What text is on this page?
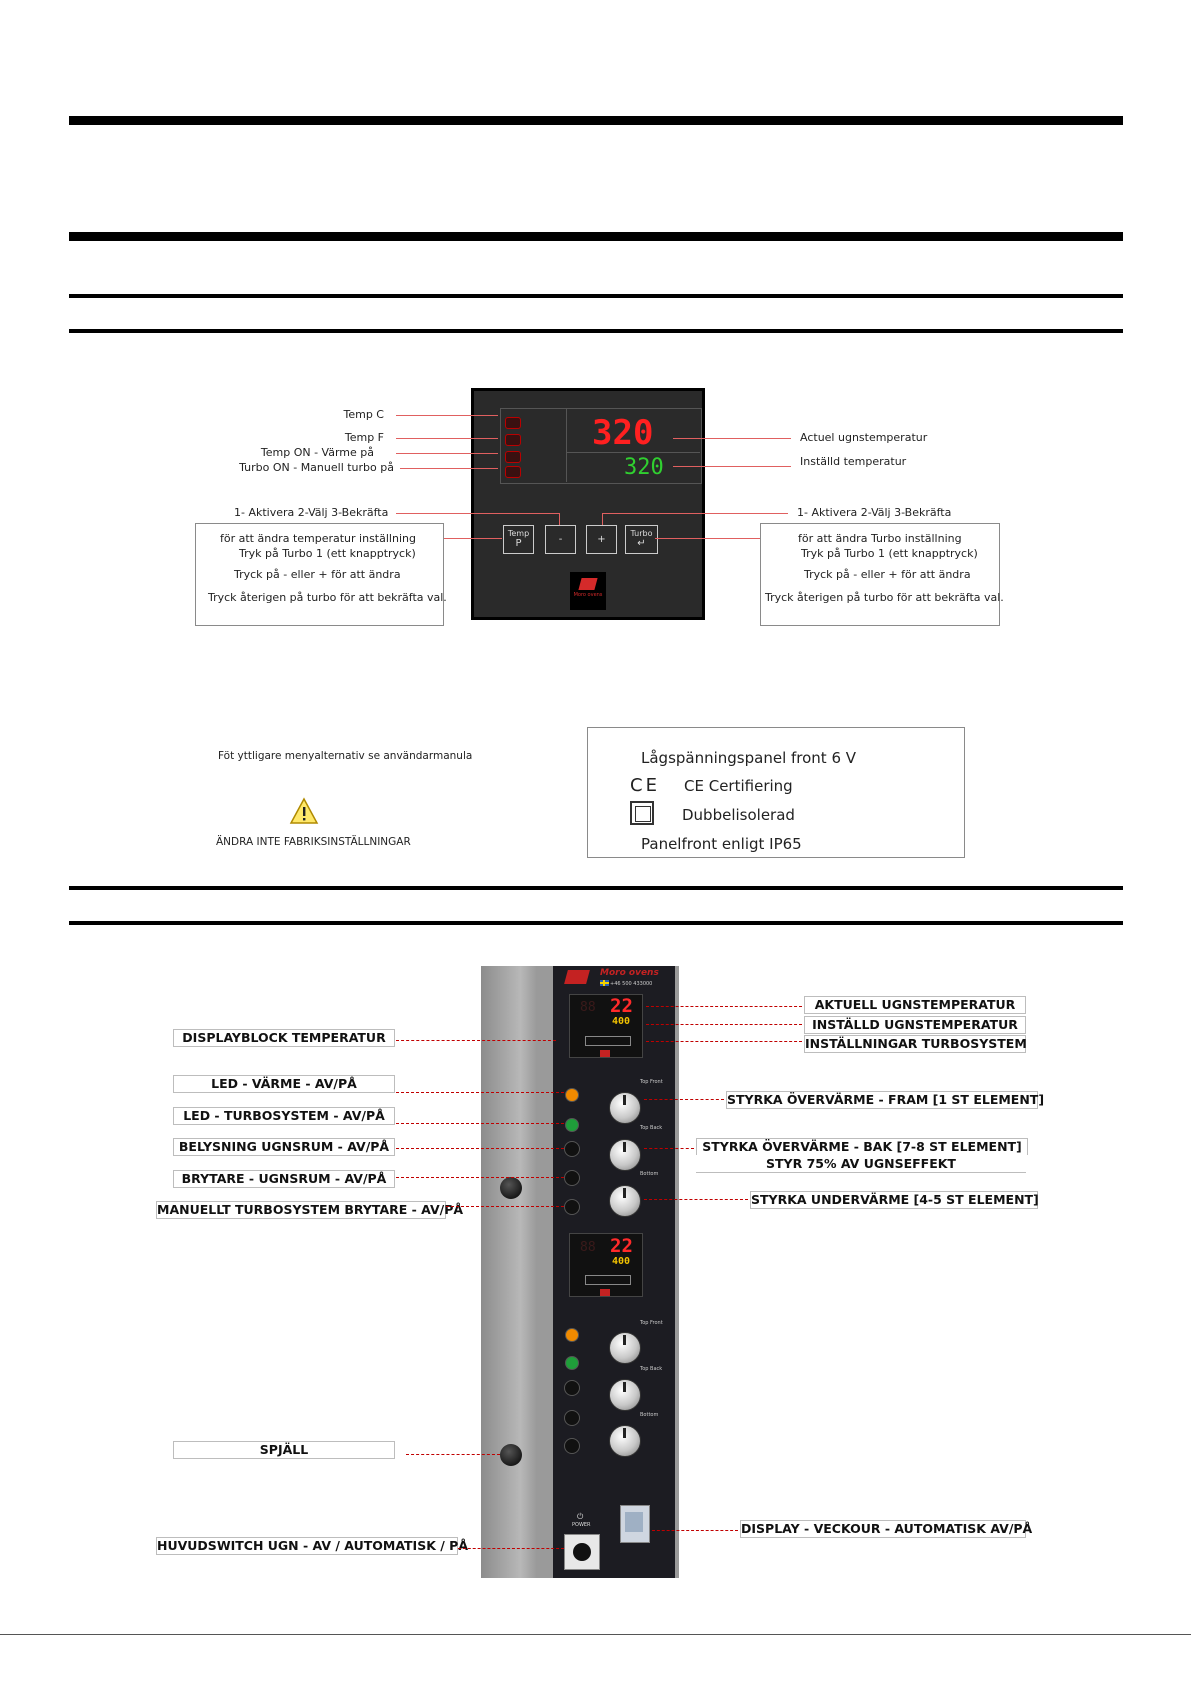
320
320
Temp
P	-	+
Turbo
↵
Moro ovens
Temp C
Temp F
Temp ON - Värme på
Turbo ON - Manuell turbo på
1- Aktivera 2-Välj 3-Bekräfta
Actuel ugnstemperatur
Inställd temperatur
1- Aktivera 2-Välj 3-Bekräfta
för att ändra temperatur inställning
Tryk på Turbo 1 (ett knapptryck)
Tryck på - eller + för att ändra
Tryck återigen på turbo för att bekräfta val.
för att ändra Turbo inställning
Tryk på Turbo 1 (ett knapptryck)
Tryck på - eller + för att ändra
Tryck återigen på turbo för att bekräfta val.
Föt yttligare menyalternativ se användarmanula
ÄNDRA INTE FABRIKSINSTÄLLNINGAR
Lågspänningspanel front 6 V
CE CE Certifiering
Dubbelisolerad
Panelfront enligt IP65
Moro ovens
+46 500 433000
22
88
400
Top Front
Top Back
Bottom
88 22
400
Top Front
Top Back
Bottom
⏻
POWER
DISPLAYBLOCK TEMPERATUR
LED - VÄRME - AV/PÅ
LED - TURBOSYSTEM - AV/PÅ
BELYSNING UGNSRUM - AV/PÅ
BRYTARE - UGNSRUM - AV/PÅ
MANUELLT TURBOSYSTEM BRYTARE - AV/PÅ
SPJÄLL
HUVUDSWITCH UGN - AV / AUTOMATISK / PÅ
AKTUELL UGNSTEMPERATUR
INSTÄLLD UGNSTEMPERATUR
INSTÄLLNINGAR TURBOSYSTEM
STYRKA ÖVERVÄRME - FRAM [1 ST ELEMENT]
STYRKA ÖVERVÄRME - BAK [7-8 ST ELEMENT]
STYR 75% AV UGNSEFFEKT
STYRKA UNDERVÄRME [4-5 ST ELEMENT]
DISPLAY - VECKOUR - AUTOMATISK AV/PÅ
